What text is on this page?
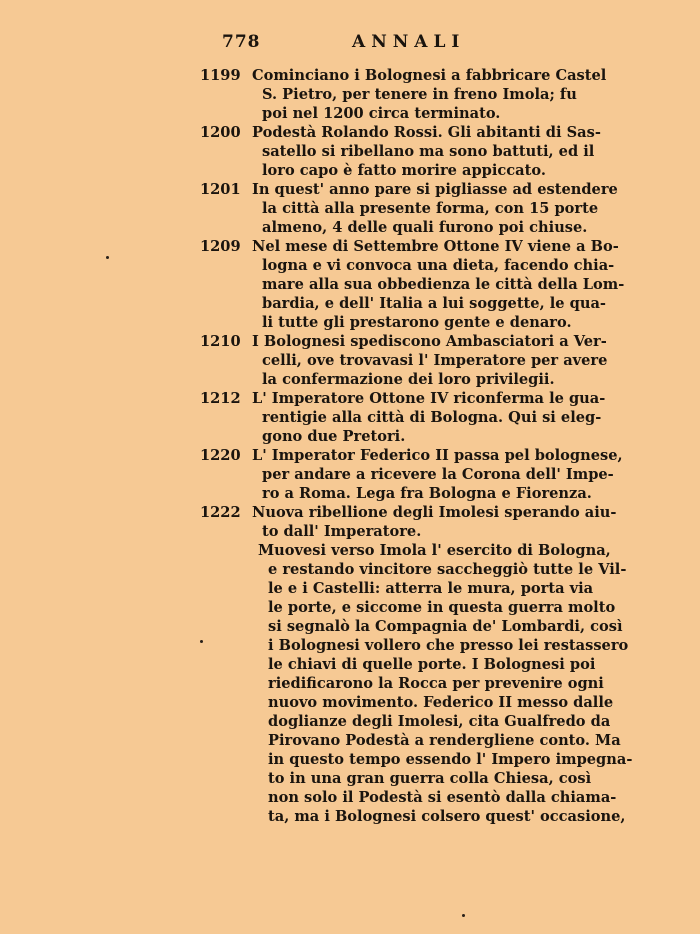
778	ANNALI
1199 Cominciano i Bolognesi a fabbricare Castel
S. Pietro, per tenere in freno Imola; fu
poi nel 1200 circa terminato.
1200 Podestà Rolando Rossi. Gli abitanti di Sas-
satello si ribellano ma sono battuti, ed il
loro capo è fatto morire appiccato.
1201 In quest' anno pare si pigliasse ad estendere
la città alla presente forma, con 15 porte
almeno, 4 delle quali furono poi chiuse.
1209 Nel mese di Settembre Ottone IV viene a Bo-
logna e vi convoca una dieta, facendo chia-
mare alla sua obbedienza le città della Lom-
bardia, e dell' Italia a lui soggette, le qua-
li tutte gli prestarono gente e denaro.
1210 I Bolognesi spediscono Ambasciatori a Ver-
celli, ove trovavasi l' Imperatore per avere
la confermazione dei loro privilegii.
1212 L' Imperatore Ottone IV riconferma le gua-
rentigie alla città di Bologna. Qui si eleg-
gono due Pretori.
1220 L' Imperator Federico II passa pel bolognese,
per andare a ricevere la Corona dell' Impe-
ro a Roma. Lega fra Bologna e Fiorenza.
1222 Nuova ribellione degli Imolesi sperando aiu-
to dall' Imperatore.
Muovesi verso Imola l' esercito di Bologna,
e restando vincitore saccheggiò tutte le Vil-
le e i Castelli: atterra le mura, porta via
le porte, e siccome in questa guerra molto
si segnalò la Compagnia de' Lombardi, così
i Bolognesi vollero che presso lei restassero
le chiavi di quelle porte. I Bolognesi poi
riedificarono la Rocca per prevenire ogni
nuovo movimento. Federico II messo dalle
doglianze degli Imolesi, cita Gualfredo da
Pirovano Podestà a rendergliene conto. Ma
in questo tempo essendo l' Impero impegna-
to in una gran guerra colla Chiesa, così
non solo il Podestà si esentò dalla chiama-
ta, ma i Bolognesi colsero quest' occasione,
